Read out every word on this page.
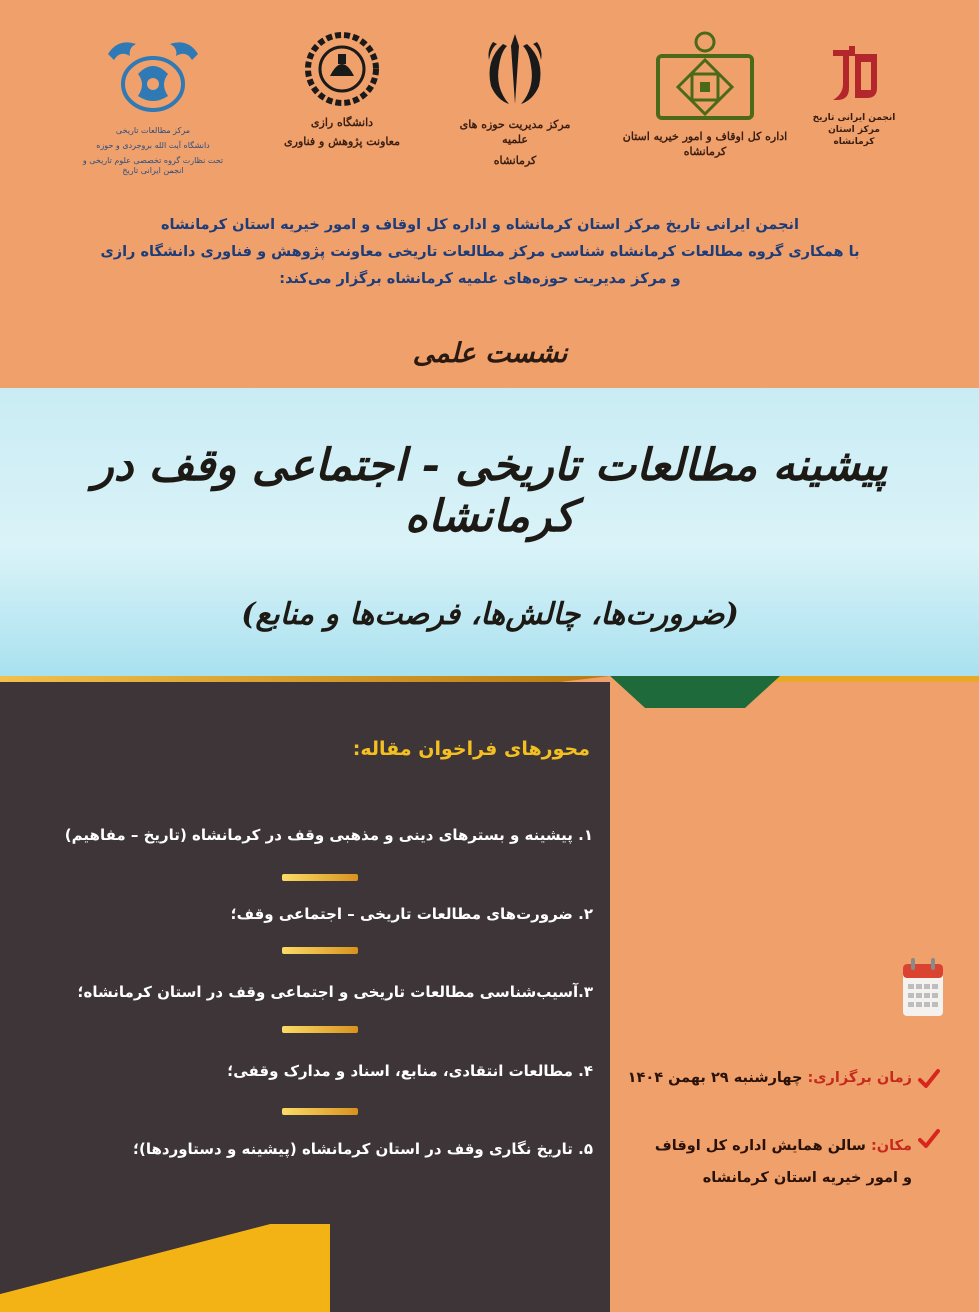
انجمن ایرانی تاریخ
مرکز استان کرمانشاه
اداره کل اوقاف و امور خیریه استان کرمانشاه
مرکز مدیریت حوزه های علمیه
کرمانشاه
دانشگاه رازی
معاونت پژوهش و فناوری
مرکز مطالعات تاریخی
دانشگاه آیت الله بروجردی و حوزه
تحت نظارت گروه تخصصی علوم تاریخی و انجمن ایرانی تاریخ
انجمن ایرانی تاریخ مرکز استان کرمانشاه و اداره کل اوقاف و امور خیریه استان کرمانشاه
با همکاری گروه مطالعات کرمانشاه شناسی مرکز مطالعات تاریخی معاونت پژوهش و فناوری دانشگاه رازی
و مرکز مدیریت حوزه‌های علمیه کرمانشاه برگزار می‌کند:
نشست علمی
پیشینه مطالعات تاریخی - اجتماعی وقف در کرمانشاه
(ضرورت‌ها، چالش‌ها، فرصت‌ها و منابع)
محورهای فراخوان مقاله:
۱. پیشینه و بسترهای دینی و مذهبی وقف در کرمانشاه (تاریخ – مفاهیم)
۲. ضرورت‌های مطالعات تاریخی – اجتماعی وقف؛
۳.آسیب‌شناسی مطالعات تاریخی و اجتماعی وقف در استان کرمانشاه؛
۴. مطالعات انتقادی، منابع، اسناد و مدارک وقفی؛
۵. تاریخ نگاری وقف در استان کرمانشاه (پیشینه و دستاوردها)؛
زمان برگزاری: چهارشنبه ۲۹ بهمن ۱۴۰۴
مکان: سالن همایش اداره کل اوقاف
و امور خیریه استان کرمانشاه
